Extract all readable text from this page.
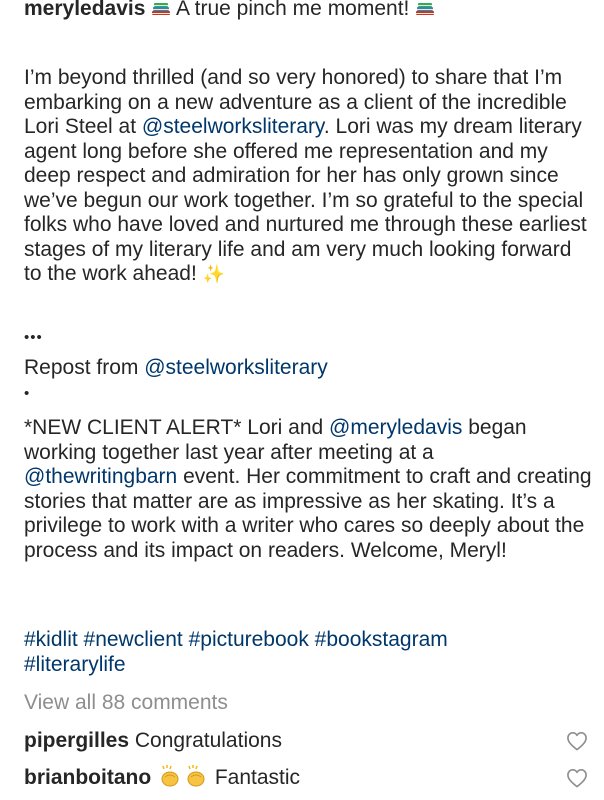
meryledavis  A true pinch me moment!

I’m beyond thrilled (and so very honored) to share that I’m embarking on a new adventure as a client of the incredible Lori Steel at @steelworksliterary. Lori was my dream literary agent long before she offered me representation and my deep respect and admiration for her has only grown since we’ve begun our work together. I’m so grateful to the special folks who have loved and nurtured me through these earliest stages of my literary life and am very much looking forward to the work ahead! ✨
•••
Repost from @steelworksliterary
•
*NEW CLIENT ALERT* Lori and @meryledavis began working together last year after meeting at a @thewritingbarn event. Her commitment to craft and creating stories that matter are as impressive as her skating. It’s a privilege to work with a writer who cares so deeply about the process and its impact on readers. Welcome, Meryl!
#kidlit #newclient #picturebook #bookstagram
#literarylife
View all 88 comments
pipergilles Congratulations
brianboitano	Fantastic
